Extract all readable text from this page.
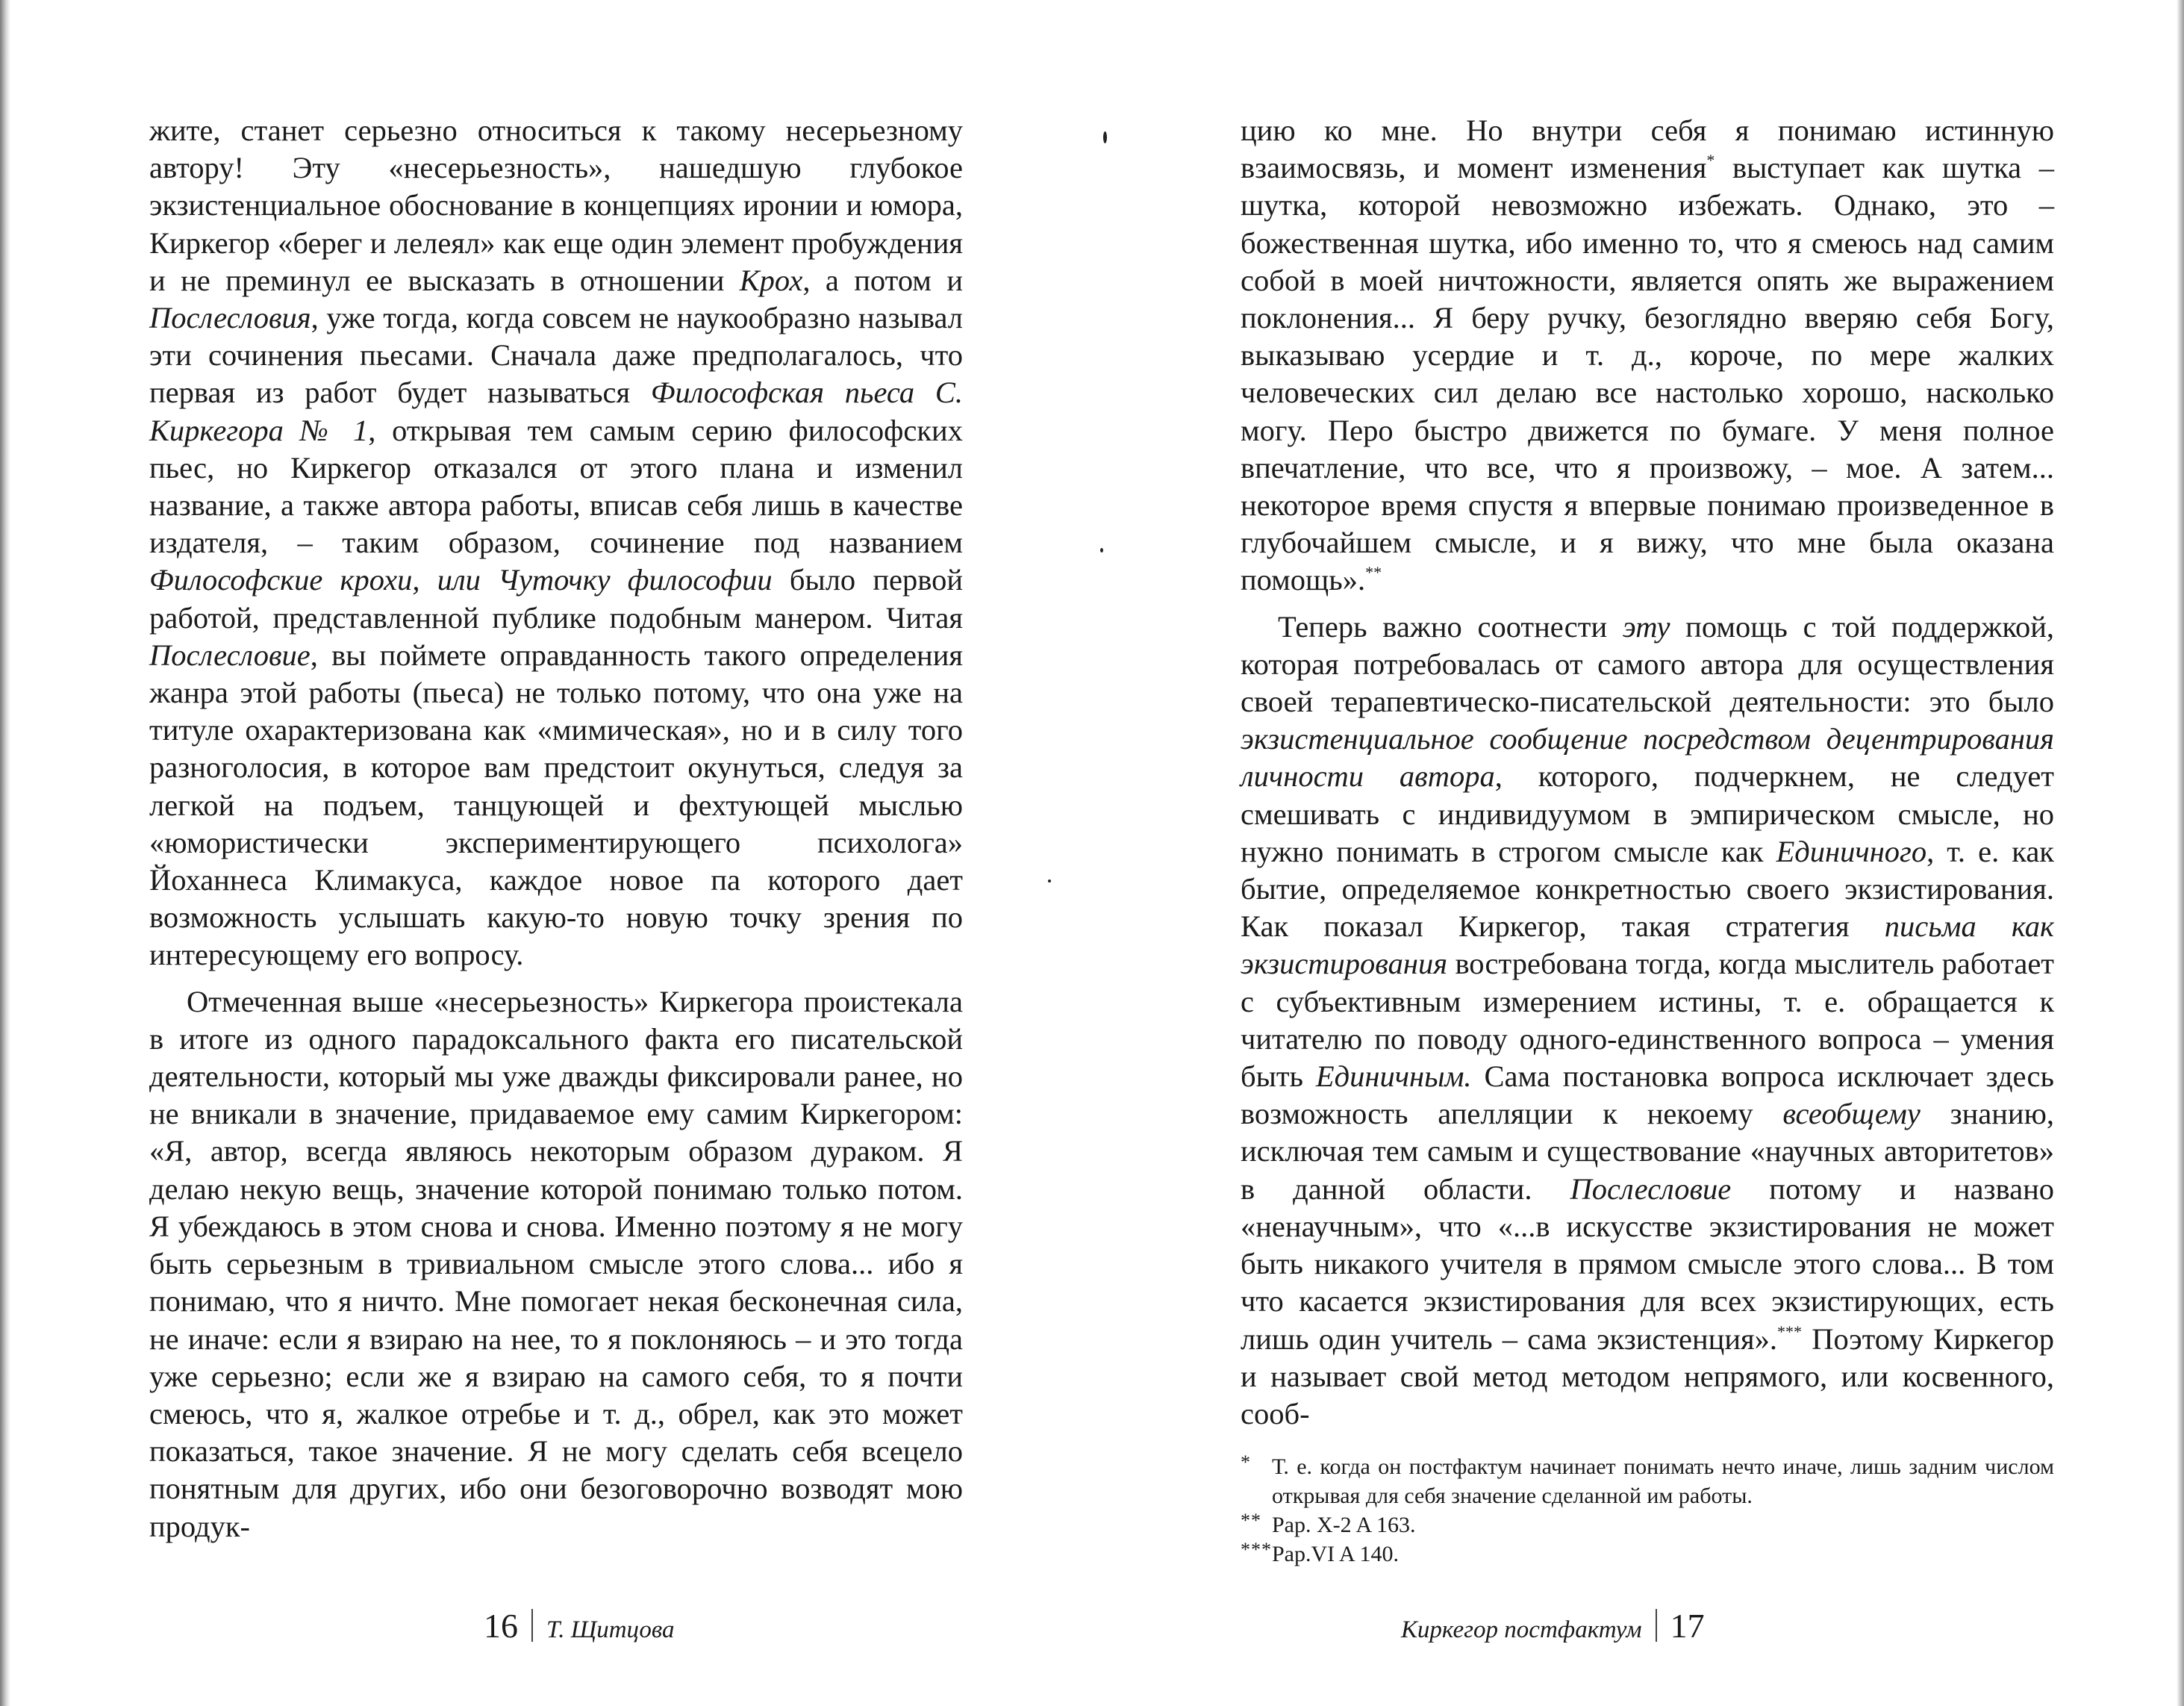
жите, станет серьезно относиться к такому несерьезному автору! Эту «несерьезность», нашедшую глубокое экзистенциальное обоснование в концепциях иронии и юмора, Киркегор «берег и лелеял» как еще один элемент пробуждения и не преминул ее высказать в отношении Крох, а потом и Послесловия, уже тогда, когда совсем не наукообразно называл эти сочинения пьесами. Сначала даже предполагалось, что первая из работ будет называться Философская пьеса С. Киркегора № 1, открывая тем самым серию философских пьес, но Киркегор отказался от этого плана и изменил название, а также автора работы, вписав себя лишь в качестве издателя, – таким образом, сочинение под названием Философские крохи, или Чуточку философии было первой работой, представленной публике подобным манером. Читая Послесловие, вы поймете оправданность такого определения жанра этой работы (пьеса) не только потому, что она уже на титуле охарактеризована как «мимическая», но и в силу того разноголосия, в которое вам предстоит окунуться, следуя за легкой на подъем, танцующей и фехтующей мыслью «юмористически экспериментирующего психолога» Йоханнеса Климакуса, каждое новое па которого дает возможность услышать какую-то новую точку зрения по интересующему его вопросу.

Отмеченная выше «несерьезность» Киркегора проистекала в итоге из одного парадоксального факта его писательской деятельности, который мы уже дважды фиксировали ранее, но не вникали в значение, придаваемое ему самим Киркегором: «Я, автор, всегда являюсь некоторым образом дураком. Я делаю некую вещь, значение которой понимаю только потом. Я убеждаюсь в этом снова и снова. Именно поэтому я не могу быть серьезным в тривиальном смысле этого слова... ибо я понимаю, что я ничто. Мне помогает некая бесконечная сила, не иначе: если я взираю на нее, то я поклоняюсь – и это тогда уже серьезно; если же я взираю на самого себя, то я почти смеюсь, что я, жалкое отребье и т. д., обрел, как это может показаться, такое значение. Я не могу сделать себя всецело понятным для других, ибо они безоговорочно возводят мою продук-

цию ко мне. Но внутри себя я понимаю истинную взаимосвязь, и момент изменения* выступает как шутка – шутка, которой невозможно избежать. Однако, это – божественная шутка, ибо именно то, что я смеюсь над самим собой в моей ничтожности, является опять же выражением поклонения... Я беру ручку, безоглядно вверяю себя Богу, выказываю усердие и т. д., короче, по мере жалких человеческих сил делаю все настолько хорошо, насколько могу. Перо быстро движется по бумаге. У меня полное впечатление, что все, что я произвожу, – мое. А затем... некоторое время спустя я впервые понимаю произведенное в глубочайшем смысле, и я вижу, что мне была оказана помощь».**

Теперь важно соотнести эту помощь с той поддержкой, которая потребовалась от самого автора для осуществления своей терапевтическо-писательской деятельности: это было экзистенциальное сообщение посредством децентрирования личности автора, которого, подчеркнем, не следует смешивать с индивидуумом в эмпирическом смысле, но нужно понимать в строгом смысле как Единичного, т. е. как бытие, определяемое конкретностью своего экзистирования. Как показал Киркегор, такая стратегия письма как экзистирования востребована тогда, когда мыслитель работает с субъективным измерением истины, т. е. обращается к читателю по поводу одного-единственного вопроса – умения быть Единичным. Сама постановка вопроса исключает здесь возможность апелляции к некоему всеобщему знанию, исключая тем самым и существование «научных авторитетов» в данной области. Послесловие потому и названо «ненаучным», что «...в искусстве экзистирования не может быть никакого учителя в прямом смысле этого слова... В том что касается экзистирования для всех экзистирующих, есть лишь один учитель – сама экзистенция».*** Поэтому Киркегор и называет свой метод методом непрямого, или косвенного, сооб-

* Т. е. когда он постфактум начинает понимать нечто иначе, лишь задним числом открывая для себя значение сделанной им работы.

** Pap. X-2 A 163.

*** Pap.VI A 140.

16 Т. Щитцова	Киркегор постфактум 17
